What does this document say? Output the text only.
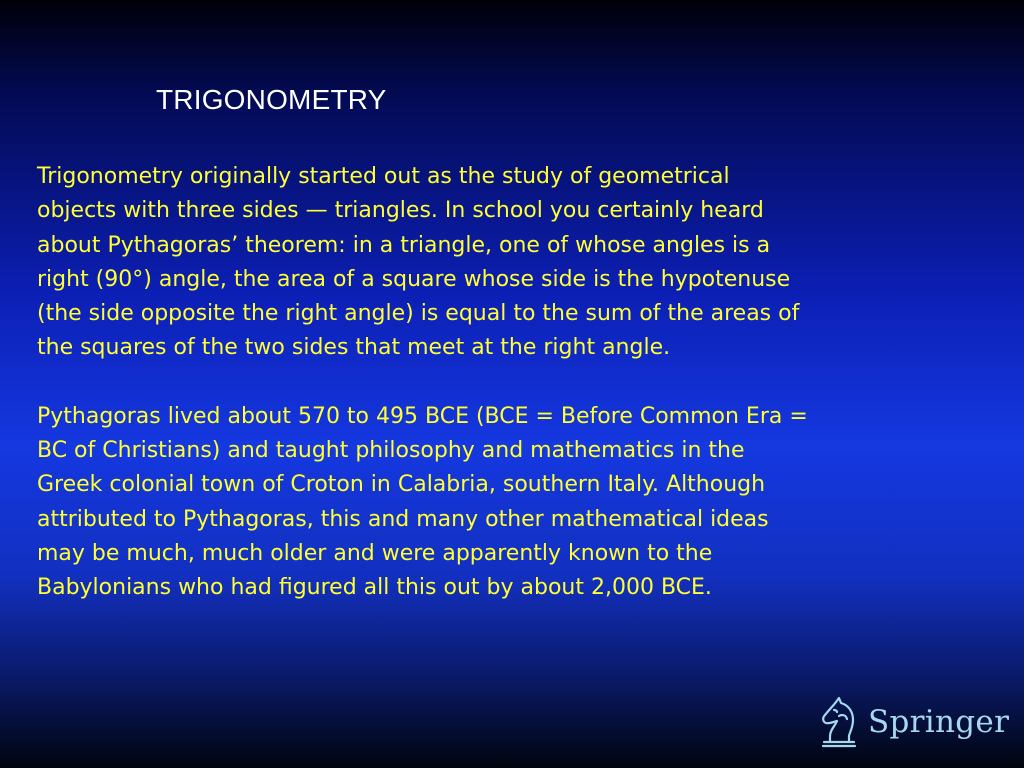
TRIGONOMETRY

Trigonometry originally started out as the study of geometrical
objects with three sides — triangles. In school you certainly heard
about Pythagoras’ theorem: in a triangle, one of whose angles is a
right (90°) angle, the area of a square whose side is the hypotenuse
(the side opposite the right angle) is equal to the sum of the areas of
the squares of the two sides that meet at the right angle.

Pythagoras lived about 570 to 495 BCE (BCE = Before Common Era =
BC of Christians) and taught philosophy and mathematics in the
Greek colonial town of Croton in Calabria, southern Italy. Although
attributed to Pythagoras, this and many other mathematical ideas
may be much, much older and were apparently known to the
Babylonians who had figured all this out by about 2,000 BCE.

Springer
